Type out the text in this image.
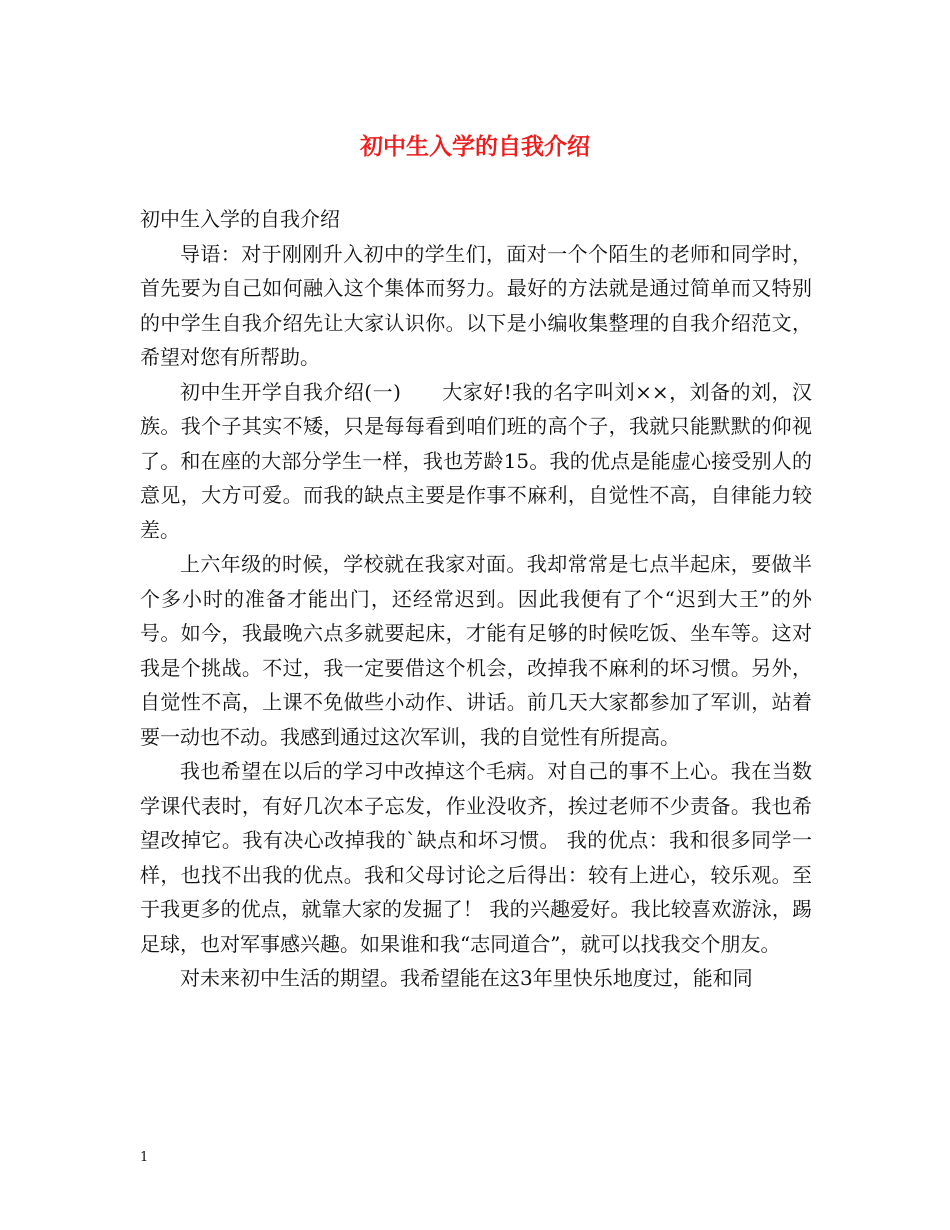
初中生入学的自我介绍

初中生入学的自我介绍

导语：对于刚刚升入初中的学生们，面对一个个陌生的老师和同学时，首先要为自己如何融入这个集体而努力。最好的方法就是通过简单而又特别的中学生自我介绍先让大家认识你。以下是小编收集整理的自我介绍范文，希望对您有所帮助。

初中生开学自我介绍(一)　　大家好!我的名字叫刘××，刘备的刘，汉族。我个子其实不矮，只是每每看到咱们班的高个子，我就只能默默的仰视了。和在座的大部分学生一样，我也芳龄15。我的优点是能虚心接受别人的意见，大方可爱。而我的缺点主要是作事不麻利，自觉性不高，自律能力较差。

上六年级的时候，学校就在我家对面。我却常常是七点半起床，要做半个多小时的准备才能出门，还经常迟到。因此我便有了个“迟到大王”的外号。如今，我最晚六点多就要起床，才能有足够的时候吃饭、坐车等。这对我是个挑战。不过，我一定要借这个机会，改掉我不麻利的坏习惯。另外，自觉性不高，上课不免做些小动作、讲话。前几天大家都参加了军训，站着要一动也不动。我感到通过这次军训，我的自觉性有所提高。

我也希望在以后的学习中改掉这个毛病。对自己的事不上心。我在当数学课代表时，有好几次本子忘发，作业没收齐，挨过老师不少责备。我也希望改掉它。我有决心改掉我的`缺点和坏习惯。 我的优点：我和很多同学一样，也找不出我的优点。我和父母讨论之后得出：较有上进心，较乐观。至于我更多的优点，就靠大家的发掘了！ 我的兴趣爱好。我比较喜欢游泳，踢足球，也对军事感兴趣。如果谁和我“志同道合”，就可以找我交个朋友。

对未来初中生活的期望。我希望能在这3年里快乐地度过，能和同

1
